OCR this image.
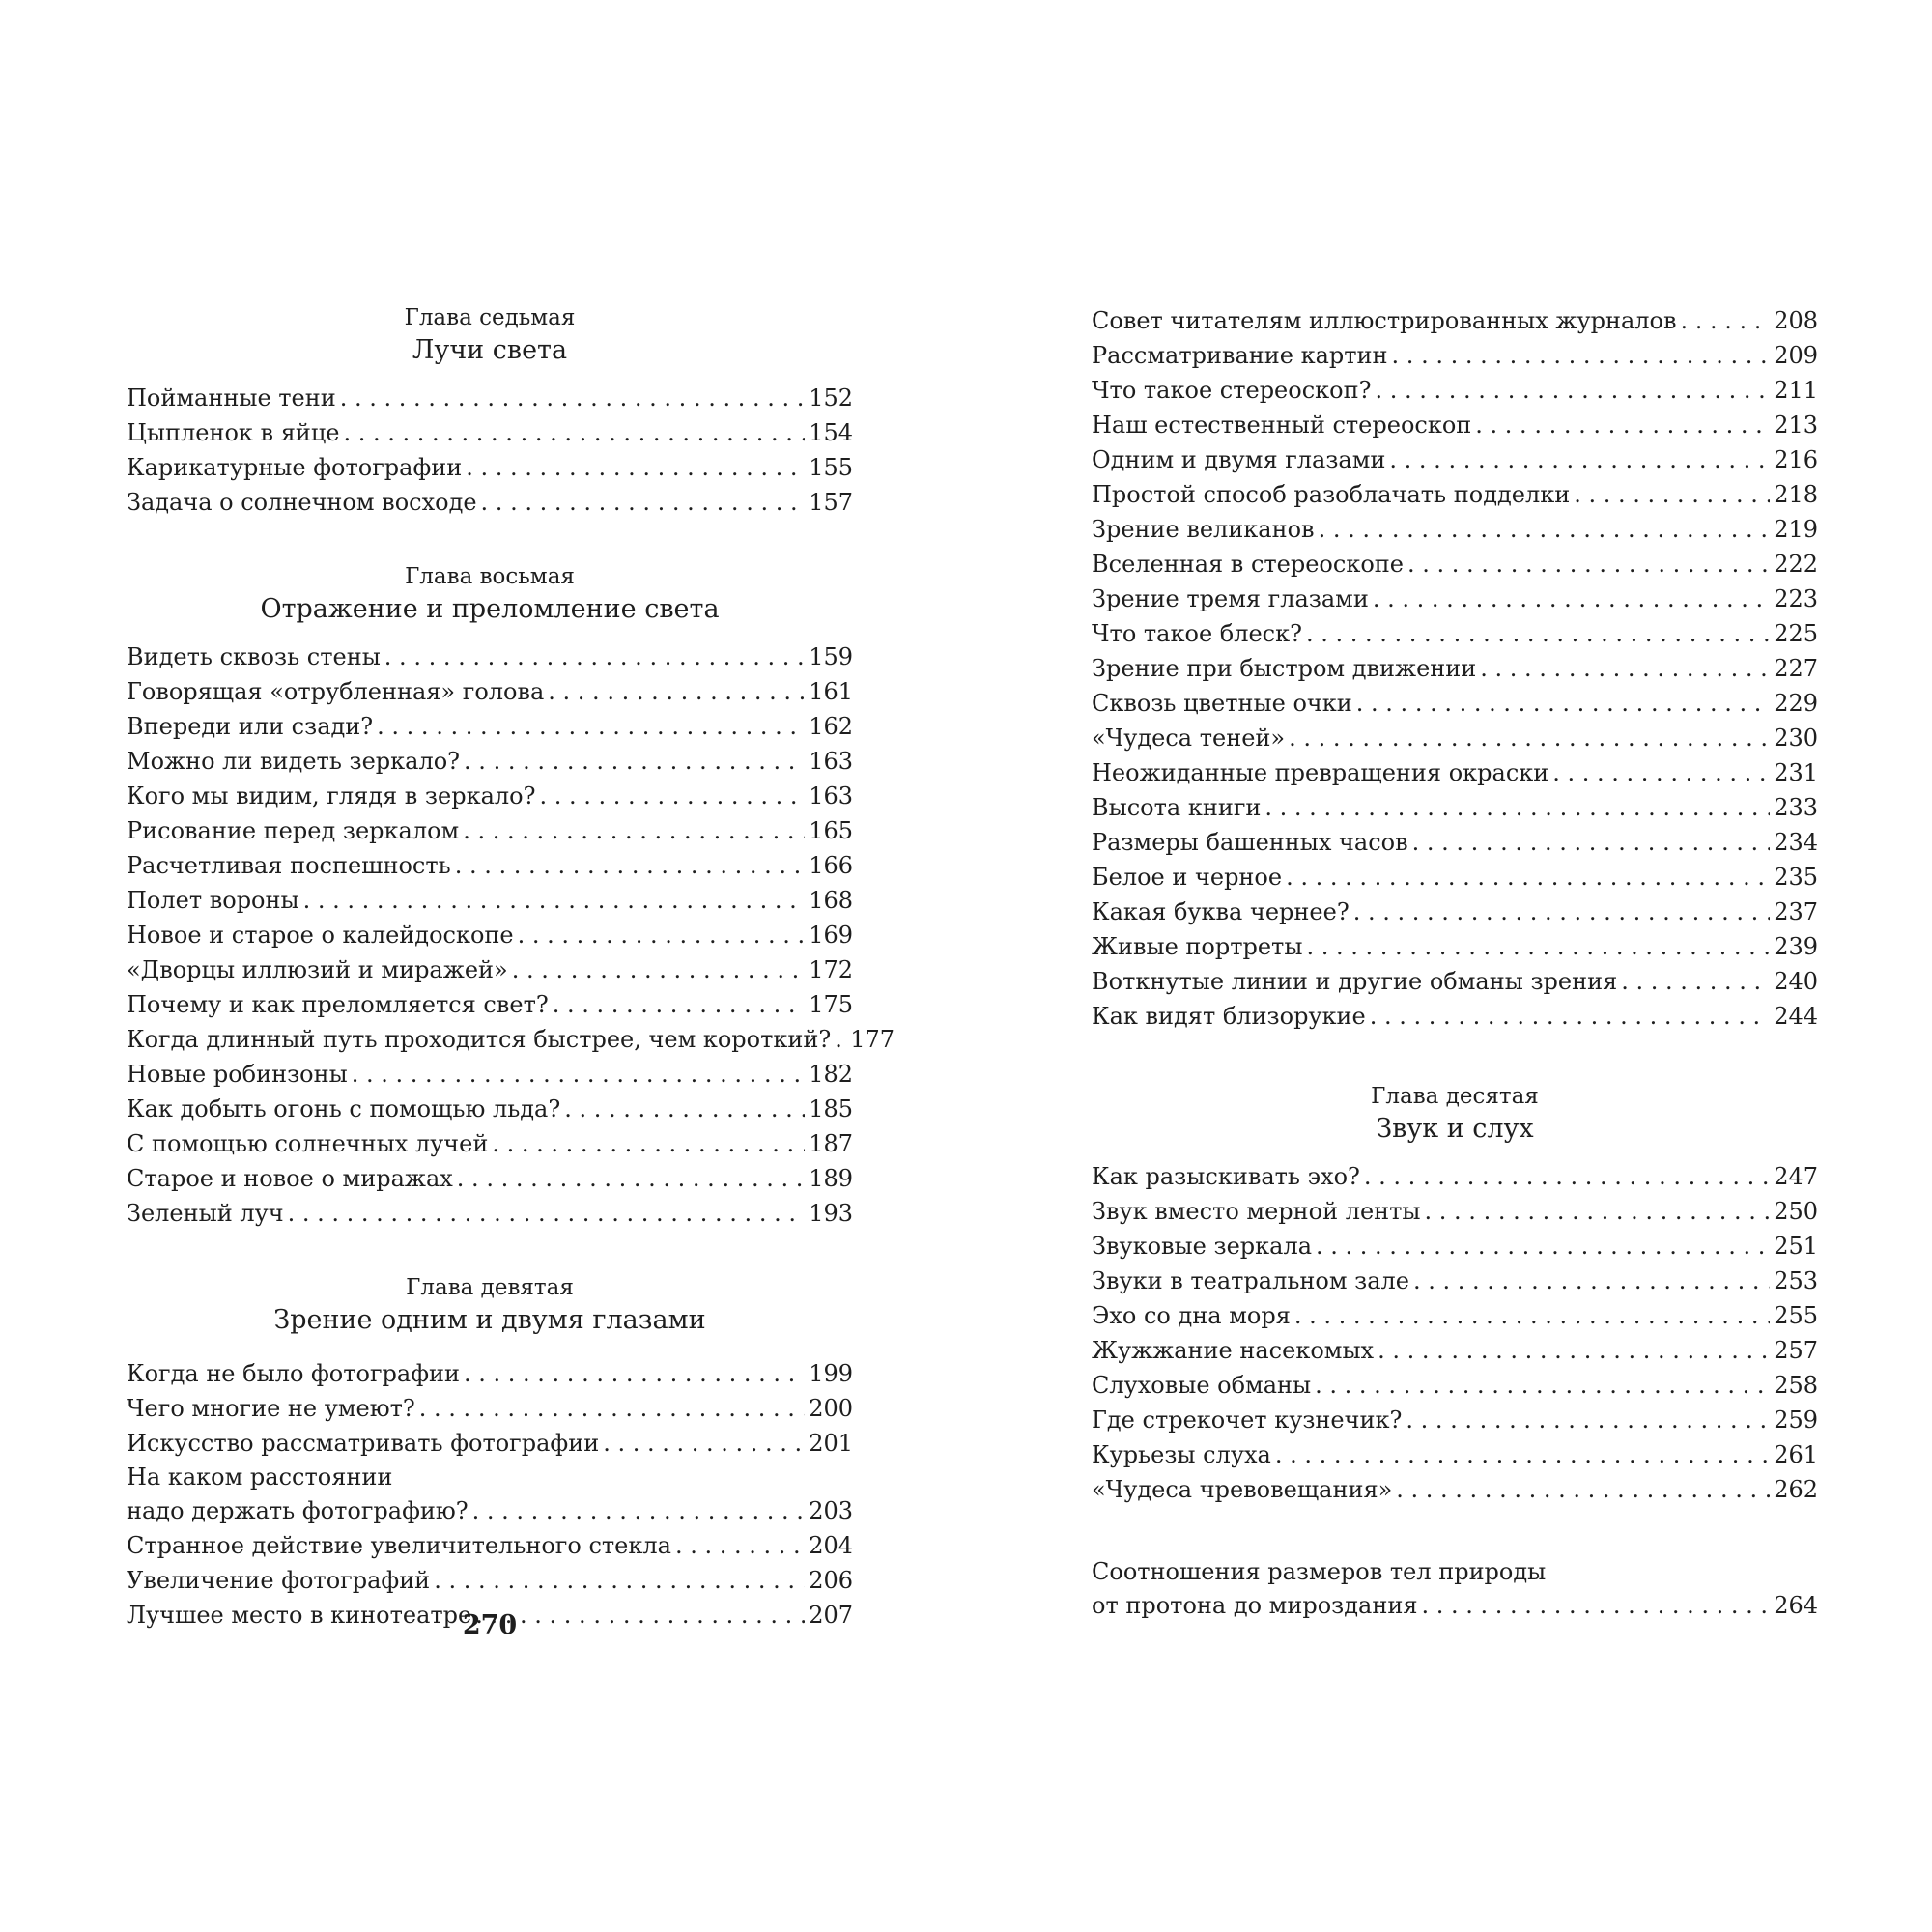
Глава седьмая
Лучи света
Пойманные тени . . .	152
Цыпленок в яйце . . .	154
Карикатурные фотографии . . .	155
Задача о солнечном восходе . . .	157
Глава восьмая
Отражение и преломление света
Видеть сквозь стены . . .	159
Говорящая «отрубленная» голова . . .	161
Впереди или сзади? . . .	162
Можно ли видеть зеркало? . . .	163
Кого мы видим, глядя в зеркало? . . .	163
Рисование перед зеркалом . . .	165
Расчетливая поспешность . . .	166
Полет вороны . . .	168
Новое и старое о калейдоскопе . . .	169
«Дворцы иллюзий и миражей» . . .	172
Почему и как преломляется свет? . . .	175
Когда длинный путь проходится быстрее, чем короткий? . . . 177
Новые робинзоны . . .	182
Как добыть огонь с помощью льда? . . .	185
С помощью солнечных лучей . . .	187
Старое и новое о миражах . . .	189
Зеленый луч . . .	193
Глава девятая
Зрение одним и двумя глазами
Когда не было фотографии . . .	199
Чего многие не умеют? . . .	200
Искусство рассматривать фотографии . . .	201
На каком расстоянии
надо держать фотографию? . . .	203
Странное действие увеличительного стекла . . .	204
Увеличение фотографий . . .	206
Лучшее место в кинотеатре . . .	207
270
Совет читателям иллюстрированных журналов . . .	208
Рассматривание картин . . .	209
Что такое стереоскоп? . . .	211
Наш естественный стереоскоп . . .	213
Одним и двумя глазами . . .	216
Простой способ разоблачать подделки . . .	218
Зрение великанов . . .	219
Вселенная в стереоскопе . . .	222
Зрение тремя глазами . . .	223
Что такое блеск? . . .	225
Зрение при быстром движении . . .	227
Сквозь цветные очки . . .	229
«Чудеса теней» . . .	230
Неожиданные превращения окраски . . .	231
Высота книги . . .	233
Размеры башенных часов . . .	234
Белое и черное . . .	235
Какая буква чернее? . . .	237
Живые портреты . . .	239
Воткнутые линии и другие обманы зрения . . .	240
Как видят близорукие . . .	244
Глава десятая
Звук и слух
Как разыскивать эхо? . . .	247
Звук вместо мерной ленты . . .	250
Звуковые зеркала . . .	251
Звуки в театральном зале . . .	253
Эхо со дна моря . . .	255
Жужжание насекомых . . .	257
Слуховые обманы . . .	258
Где стрекочет кузнечик? . . .	259
Курьезы слуха . . .	261
«Чудеса чревовещания» . . .	262
Соотношения размеров тел природы
от протона до мироздания . . .	264
